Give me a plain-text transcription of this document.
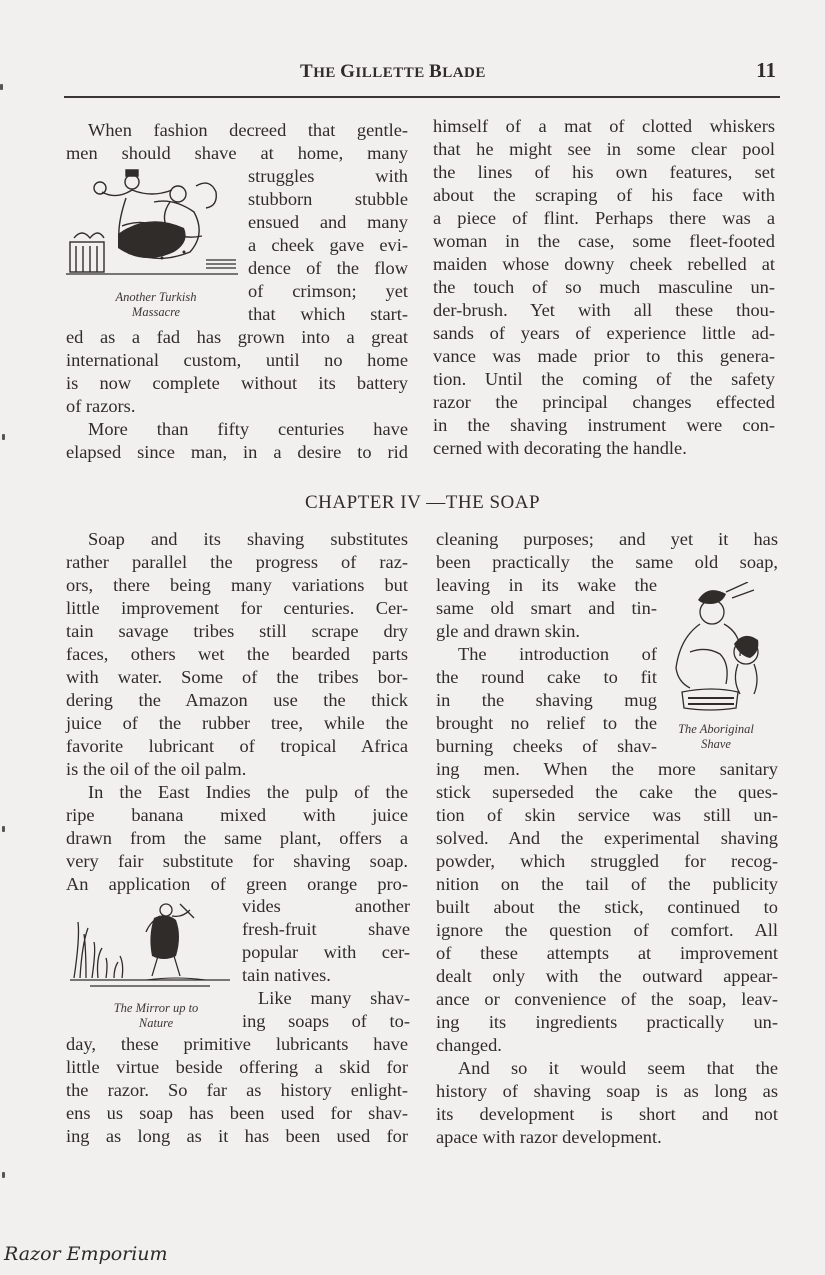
THE GILLETTE BLADE	11
When fashion decreed that gentle-
men should shave at home, many
Another Turkish
Massacre
struggles with
stubborn stubble
ensued and many
a cheek gave evi-
dence of the flow
of crimson; yet
that which start-
ed as a fad has grown into a great
international custom, until no home
is now complete without its battery
of razors.
More than fifty centuries have
elapsed since man, in a desire to rid
himself of a mat of clotted whiskers
that he might see in some clear pool
the lines of his own features, set
about the scraping of his face with
a piece of flint. Perhaps there was a
woman in the case, some fleet-footed
maiden whose downy cheek rebelled at
the touch of so much masculine un-
der-brush. Yet with all these thou-
sands of years of experience little ad-
vance was made prior to this genera-
tion. Until the coming of the safety
razor the principal changes effected
in the shaving instrument were con-
cerned with decorating the handle.
CHAPTER IV —THE SOAP
Soap and its shaving substitutes
rather parallel the progress of raz-
ors, there being many variations but
little improvement for centuries. Cer-
tain savage tribes still scrape dry
faces, others wet the bearded parts
with water. Some of the tribes bor-
dering the Amazon use the thick
juice of the rubber tree, while the
favorite lubricant of tropical Africa
is the oil of the oil palm.
In the East Indies the pulp of the
ripe banana mixed with juice
drawn from the same plant, offers a
very fair substitute for shaving soap.
An application of green orange pro-
The Mirror up to
Nature
vides another
fresh-fruit shave
popular with cer-
tain natives.
Like many shav-
ing soaps of to-
day, these primitive lubricants have
little virtue beside offering a skid for
the razor. So far as history enlight-
ens us soap has been used for shav-
ing as long as it has been used for
cleaning purposes; and yet it has
been practically the same old soap,
leaving in its wake the
same old smart and tin-
gle and drawn skin.
The introduction of
the round cake to fit
in the shaving mug
brought no relief to the
burning cheeks of shav-
The Aboriginal
Shave
ing men. When the more sanitary
stick superseded the cake the ques-
tion of skin service was still un-
solved. And the experimental shaving
powder, which struggled for recog-
nition on the tail of the publicity
built about the stick, continued to
ignore the question of comfort. All
of these attempts at improvement
dealt only with the outward appear-
ance or convenience of the soap, leav-
ing its ingredients practically un-
changed.
And so it would seem that the
history of shaving soap is as long as
its development is short and not
apace with razor development.
Razor Emporium
